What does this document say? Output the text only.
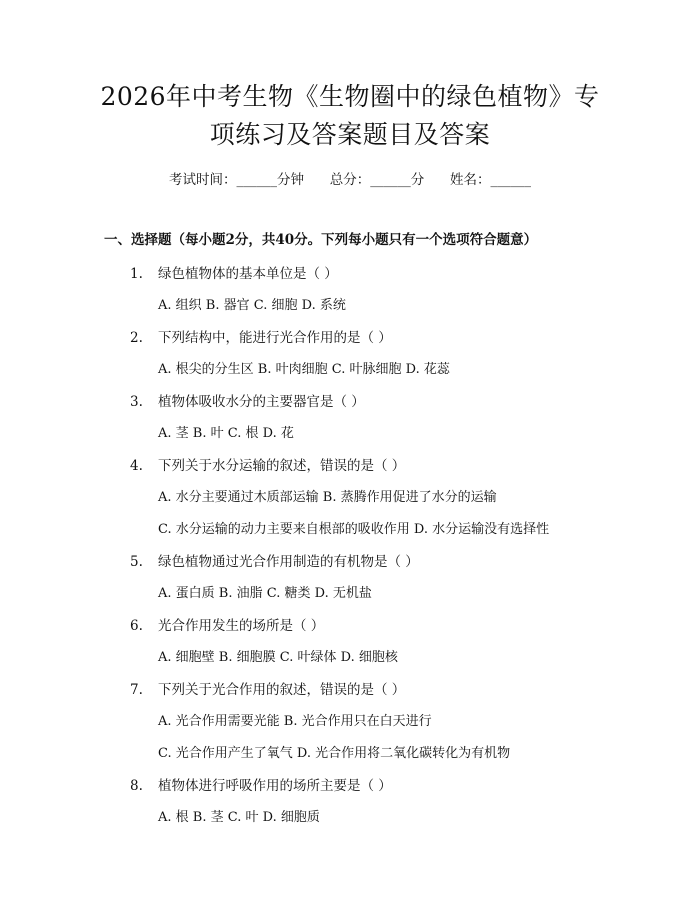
2026年中考生物《生物圈中的绿色植物》专
项练习及答案题目及答案
考试时间：______分钟      总分：______分      姓名：______
一、选择题（每小题2分，共40分。下列每小题只有一个选项符合题意）
1. 绿色植物体的基本单位是（ ）
A. 组织 B. 器官 C. 细胞 D. 系统
2. 下列结构中，能进行光合作用的是（ ）
A. 根尖的分生区 B. 叶肉细胞 C. 叶脉细胞 D. 花蕊
3. 植物体吸收水分的主要器官是（ ）
A. 茎 B. 叶 C. 根 D. 花
4. 下列关于水分运输的叙述，错误的是（ ）
A. 水分主要通过木质部运输 B. 蒸腾作用促进了水分的运输
C. 水分运输的动力主要来自根部的吸收作用 D. 水分运输没有选择性
5. 绿色植物通过光合作用制造的有机物是（ ）
A. 蛋白质 B. 油脂 C. 糖类 D. 无机盐
6. 光合作用发生的场所是（ ）
A. 细胞壁 B. 细胞膜 C. 叶绿体 D. 细胞核
7. 下列关于光合作用的叙述，错误的是（ ）
A. 光合作用需要光能 B. 光合作用只在白天进行
C. 光合作用产生了氧气 D. 光合作用将二氧化碳转化为有机物
8. 植物体进行呼吸作用的场所主要是（ ）
A. 根 B. 茎 C. 叶 D. 细胞质
